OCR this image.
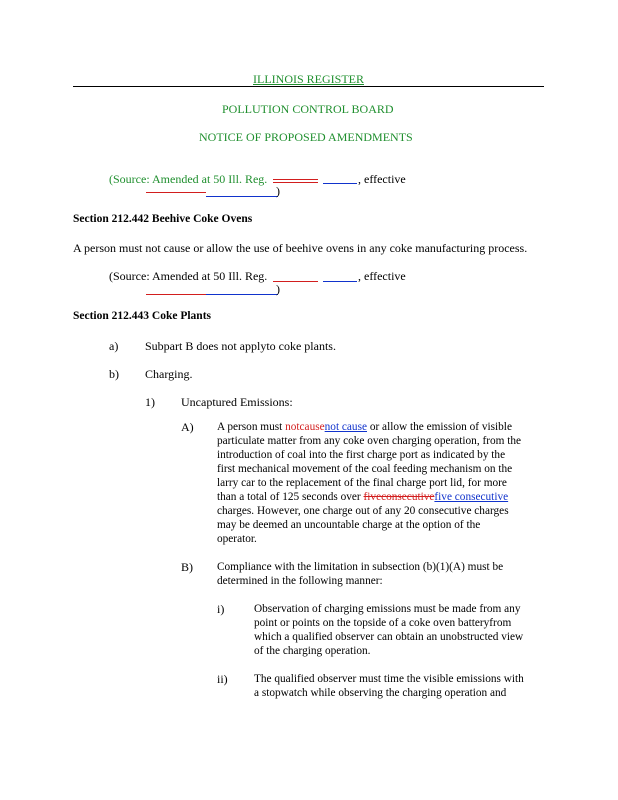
ILLINOIS REGISTER
POLLUTION CONTROL BOARD
NOTICE OF PROPOSED AMENDMENTS
(Source: Amended at 50 Ill. Reg.	, effective
)
Section 212.442 Beehive Coke Ovens
A person must not cause or allow the use of beehive ovens in any coke manufacturing process.
(Source: Amended at 50 Ill. Reg.	, effective
)
Section 212.443 Coke Plants
a) Subpart B does not applyto coke plants.
b) Charging.
1) Uncaptured Emissions:
A) A person must notcausenot cause or allow the emission of visible
particulate matter from any coke oven charging operation, from the
introduction of coal into the first charge port as indicated by the
first mechanical movement of the coal feeding mechanism on the
larry car to the replacement of the final charge port lid, for more
than a total of 125 seconds over fiveconsecutivefive consecutive
charges. However, one charge out of any 20 consecutive charges
may be deemed an uncountable charge at the option of the
operator.
B) Compliance with the limitation in subsection (b)(1)(A) must be
determined in the following manner:
i)	Observation of charging emissions must be made from any
point or points on the topside of a coke oven batteryfrom
which a qualified observer can obtain an unobstructed view
of the charging operation.
ii) The qualified observer must time the visible emissions with
a stopwatch while observing the charging operation and
